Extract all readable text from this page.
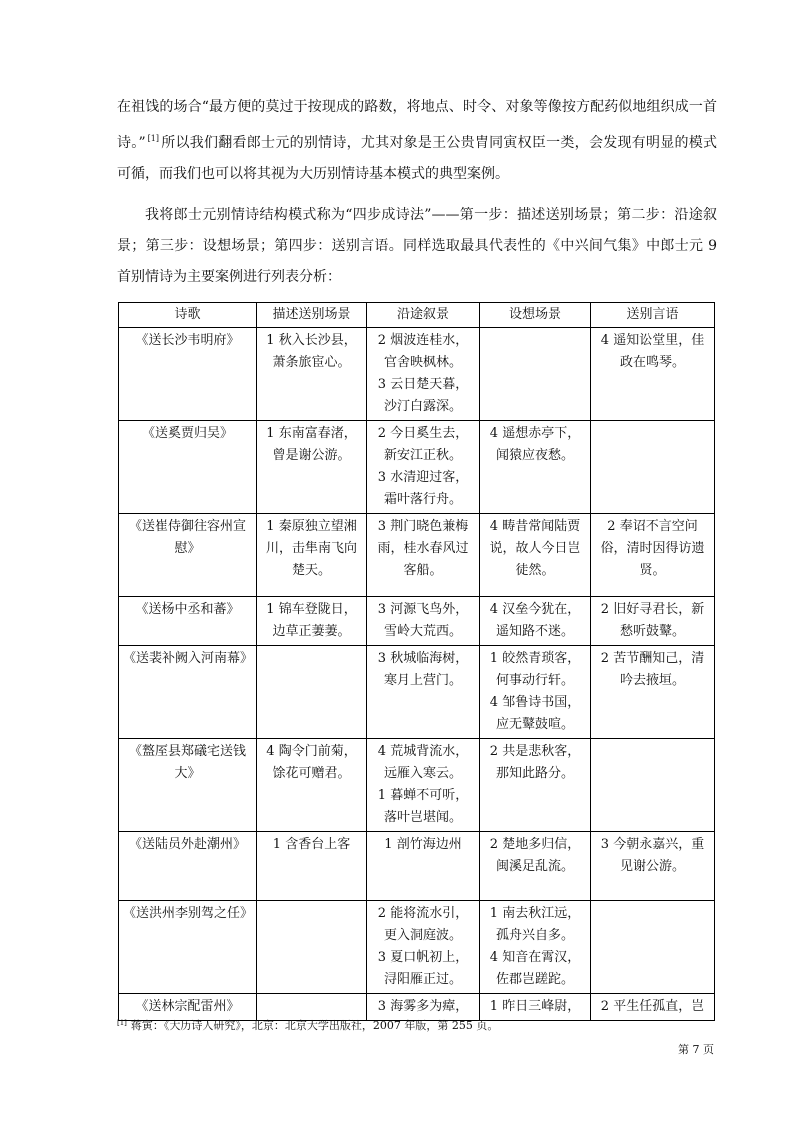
在祖饯的场合“最方便的莫过于按现成的路数，将地点、时令、对象等像按方配药似地组织成一首诗。” [1] 所以我们翻看郎士元的别情诗，尤其对象是王公贵胄同寅权臣一类，会发现有明显的模式可循，而我们也可以将其视为大历别情诗基本模式的典型案例。

我将郎士元别情诗结构模式称为“四步成诗法”——第一步：描述送别场景；第二步：沿途叙景；第三步：设想场景；第四步：送别言语。同样选取最具代表性的《中兴间气集》中郎士元 9 首别情诗为主要案例进行列表分析：

诗歌	描述送别场景	沿途叙景	设想场景	送别言语
《送长沙韦明府》	1 秋入长沙县，
萧条旅宦心。	2 烟波连桂水，
官舍映枫林。
3 云日楚天暮，
沙汀白露深。		4 遥知讼堂里，佳
政在鸣琴。

《送奚贾归吴》	1 东南富春渚，
曾是谢公游。	2 今日奚生去，
新安江正秋。
3 水清迎过客，
霜叶落行舟。	4 遥想赤亭下，
闻猿应夜愁。	

《送崔侍御往容州宣慰》	1 秦原独立望湘
川，击隼南飞向
楚天。	3 荆门晓色兼梅
雨，桂水春风过
客船。	4 畴昔常闻陆贾
说，故人今日岂
徒然。	2 奉诏不言空问
俗，清时因得访遗
贤。

《送杨中丞和蕃》	1 锦车登陇日，
边草正萋萋。	3 河源飞鸟外，
雪岭大荒西。	4 汉垒今犹在，
遥知路不迷。	2 旧好寻君长，新
愁听鼓鼙。

《送裴补阙入河南幕》		3 秋城临海树，
寒月上营门。	1 皎然青琐客，
何事动行轩。
4 邹鲁诗书国，
应无鼙鼓喧。	2 苦节酬知己，清
吟去掖垣。

《盩厔县郑礒宅送钱大》	4 陶令门前菊，
馀花可赠君。	4 荒城背流水，
远雁入寒云。
1 暮蝉不可听，
落叶岂堪闻。	2 共是悲秋客，
那知此路分。	

《送陆员外赴潮州》	1 含香台上客	1 剖竹海边州	2 楚地多归信，
闽溪足乱流。	3 今朝永嘉兴，重
见谢公游。

《送洪州李别驾之任》		2 能将流水引，
更入洞庭波。
3 夏口帆初上，
浔阳雁正过。	1 南去秋江远，
孤舟兴自多。
4 知音在霄汉，
佐郡岂蹉跎。	

《送林宗配雷州》		3 海雾多为瘴，	1 昨日三峰尉，	2 平生任孤直，岂
[1] 蒋寅：《大历诗人研究》，北京：北京大学出版社，2007 年版，第 255 页。
第 7 页
